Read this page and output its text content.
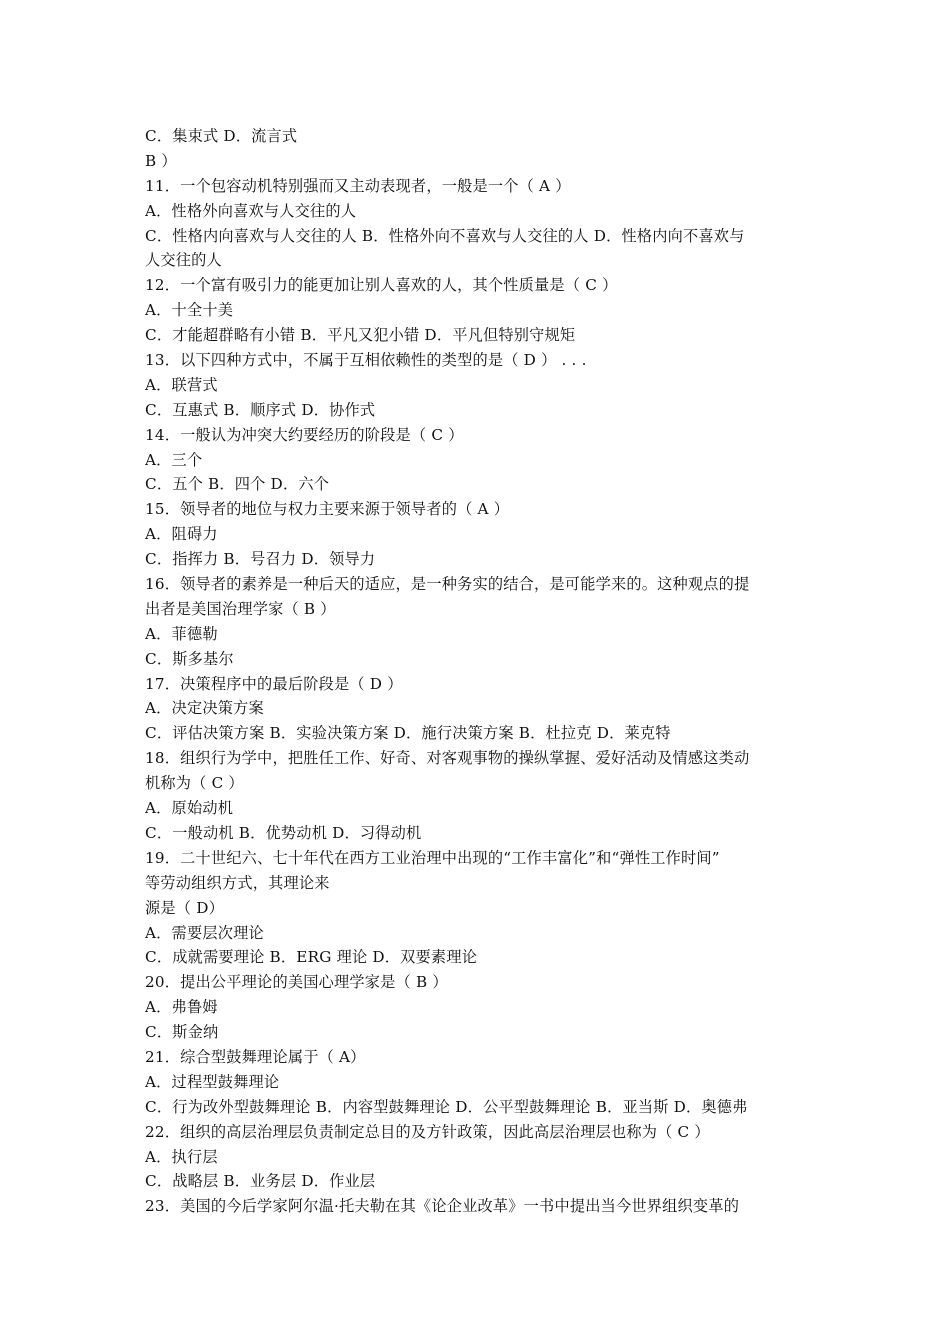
C．集束式 D．流言式
B ）
11．一个包容动机特别强而又主动表现者，一般是一个（ A ）
A．性格外向喜欢与人交往的人
C．性格内向喜欢与人交往的人 B．性格外向不喜欢与人交往的人 D．性格内向不喜欢与
人交往的人
12．一个富有吸引力的能更加让别人喜欢的人，其个性质量是（ C ）
A．十全十美
C．才能超群略有小错 B．平凡又犯小错 D．平凡但特别守规矩
13．以下四种方式中，不属于互相依赖性的类型的是（ D ） . . .
A．联营式
C．互惠式 B．顺序式 D．协作式
14．一般认为冲突大约要经历的阶段是（ C ）
A．三个
C．五个 B．四个 D．六个
15．领导者的地位与权力主要来源于领导者的（ A ）
A．阻碍力
C．指挥力 B．号召力 D．领导力
16．领导者的素养是一种后天的适应，是一种务实的结合，是可能学来的。这种观点的提
出者是美国治理学家（ B ）
A．菲德勒
C．斯多基尔
17．决策程序中的最后阶段是（ D ）
A．决定决策方案
C．评估决策方案 B．实验决策方案 D．施行决策方案 B．杜拉克 D．莱克特
18．组织行为学中，把胜任工作、好奇、对客观事物的操纵掌握、爱好活动及情感这类动
机称为（ C ）
A．原始动机
C．一般动机 B．优势动机 D．习得动机
19．二十世纪六、七十年代在西方工业治理中出现的“工作丰富化”和“弹性工作时间”
等劳动组织方式，其理论来
源是（ D）
A．需要层次理论
C．成就需要理论 B．ERG 理论 D．双要素理论
20．提出公平理论的美国心理学家是（ B ）
A．弗鲁姆
C．斯金纳
21．综合型鼓舞理论属于（ A）
A．过程型鼓舞理论
C．行为改外型鼓舞理论 B．内容型鼓舞理论 D．公平型鼓舞理论 B．亚当斯 D．奥德弗
22．组织的高层治理层负责制定总目的及方针政策，因此高层治理层也称为（ C ）
A．执行层
C．战略层 B．业务层 D．作业层
23．美国的今后学家阿尔温·托夫勒在其《论企业改革》一书中提出当今世界组织变革的
